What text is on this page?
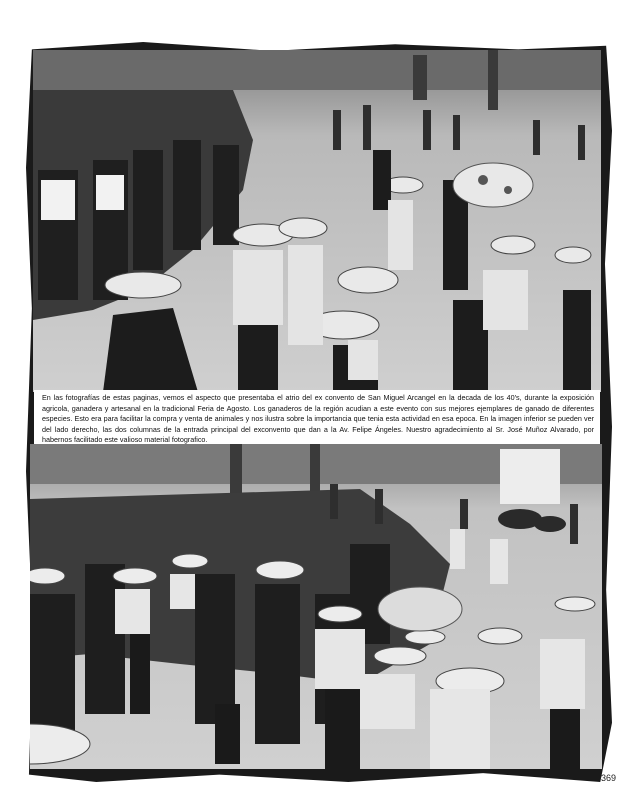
En las fotografías de estas paginas, vemos el aspecto que presentaba el atrio del ex convento de San Miguel Arcangel en la decada de los 40's, durante la exposición agricola, ganadera y artesanal en la tradicional Feria de Agosto. Los ganaderos de la región acudian a este evento con sus mejores ejemplares de ganado de diferentes especies. Esto era para facilitar la compra y venta de animales y nos ilustra sobre la importancia que tenia esta actividad en esa epoca. En la imagen inferior se pueden ver del lado derecho, las dos columnas de la entrada principal del exconvento que dan a la Av. Felipe Ángeles. Nuestro agradecimiento al Sr. José Muñoz Alvarado, por habernos facilitado este valioso material fotografico.

369
